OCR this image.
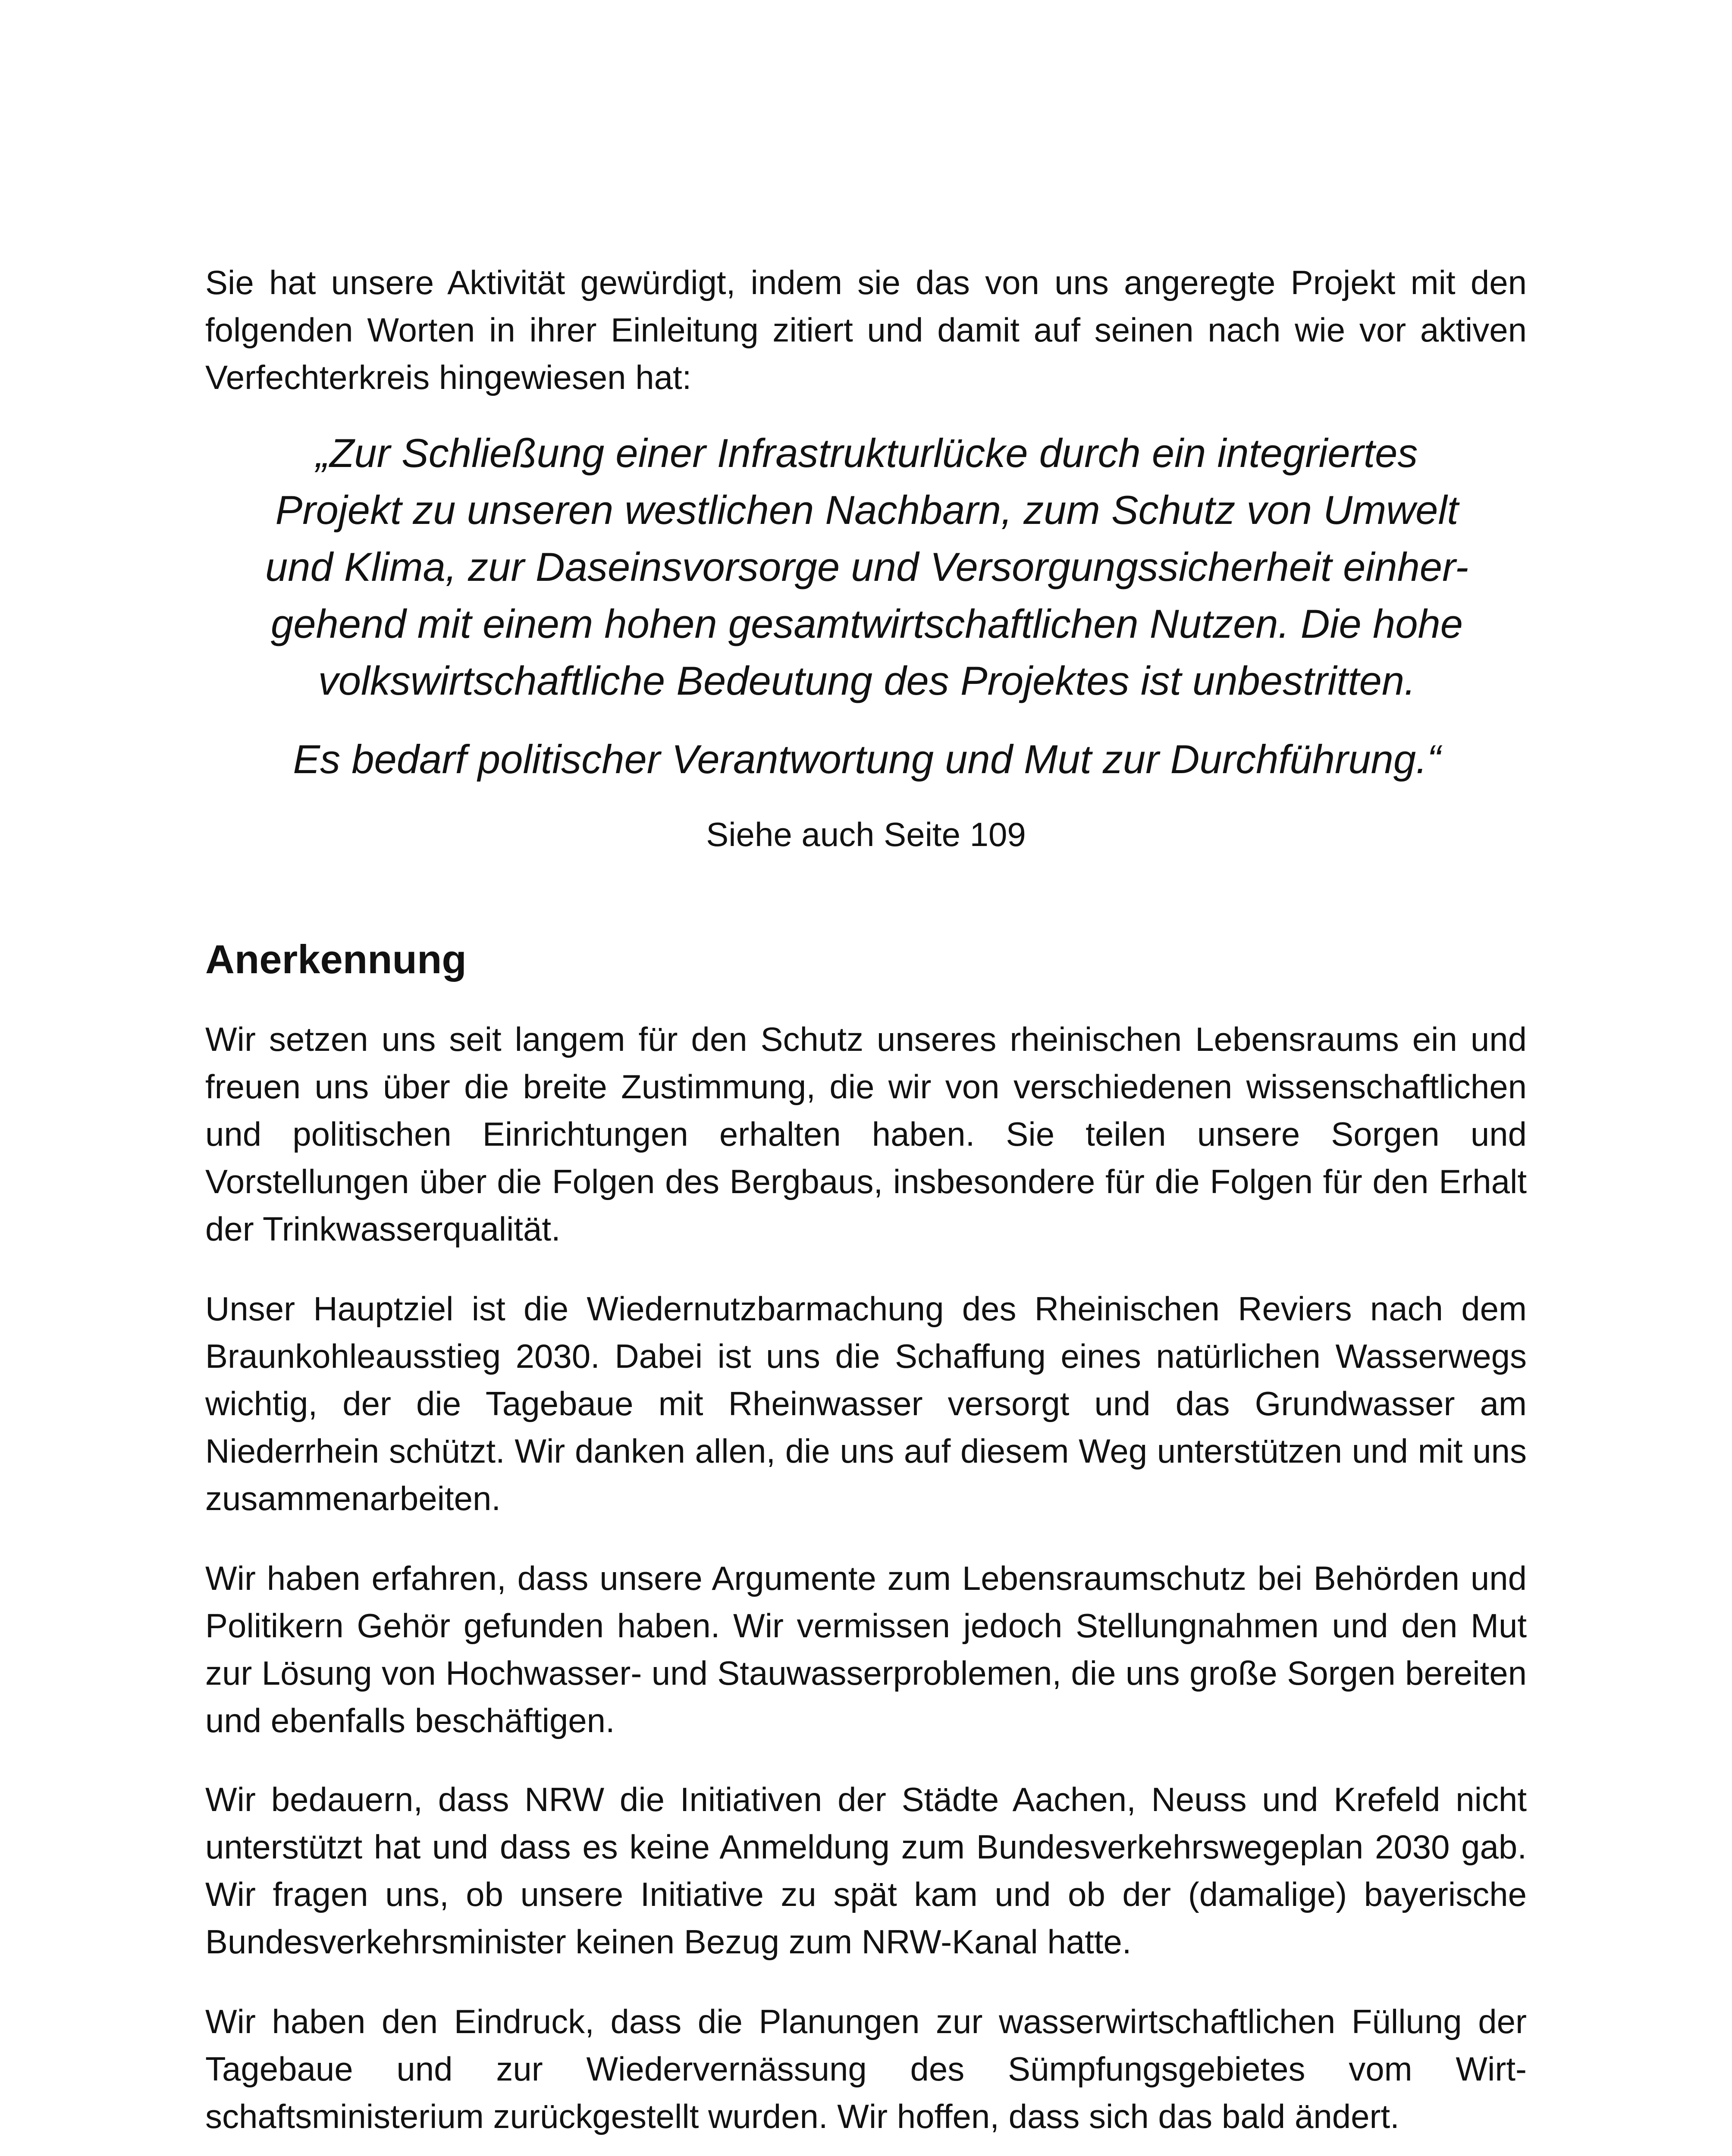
Sie hat unsere Aktivität gewürdigt, indem sie das von uns angeregte Projekt mit den folgenden Worten in ihrer Einleitung zitiert und damit auf seinen nach wie vor aktiven Verfechterkreis hingewiesen hat:

„Zur Schließung einer Infrastrukturlücke durch ein integriertes
Projekt zu unseren westlichen Nachbarn, zum Schutz von Umwelt
und Klima, zur Daseinsvorsorge und Versorgungssicherheit einher-
gehend mit einem hohen gesamtwirtschaftlichen Nutzen. Die hohe
volkswirtschaftliche Bedeutung des Projektes ist unbestritten.
Es bedarf politischer Verantwortung und Mut zur Durchführung.“
Siehe auch Seite 109
Anerkennung

Wir setzen uns seit langem für den Schutz unseres rheinischen Lebensraums ein und freuen uns über die breite Zustimmung, die wir von verschiedenen wissenschaftlichen und politischen Einrichtungen erhalten haben. Sie teilen unsere Sorgen und Vorstellungen über die Folgen des Bergbaus, insbesondere für die Folgen für den Erhalt der Trinkwasserqualität.

Unser Hauptziel ist die Wiedernutzbarmachung des Rheinischen Reviers nach dem Braunkohleausstieg 2030. Dabei ist uns die Schaffung eines natürlichen Wasserwegs wichtig, der die Tagebaue mit Rheinwasser versorgt und das Grundwasser am Niederrhein schützt. Wir danken allen, die uns auf diesem Weg unterstützen und mit uns zusammenarbeiten.

Wir haben erfahren, dass unsere Argumente zum Lebensraumschutz bei Behörden und Politikern Gehör gefunden haben. Wir vermissen jedoch Stellungnahmen und den Mut zur Lösung von Hochwasser- und Stauwasserproblemen, die uns große Sorgen bereiten und ebenfalls beschäftigen.

Wir bedauern, dass NRW die Initiativen der Städte Aachen, Neuss und Krefeld nicht unterstützt hat und dass es keine Anmeldung zum Bundesverkehrswegeplan 2030 gab. Wir fragen uns, ob unsere Initiative zu spät kam und ob der (damalige) bayerische Bundesverkehrsminister keinen Bezug zum NRW-Kanal hatte.

Wir haben den Eindruck, dass die Planungen zur wasserwirtschaftlichen Füllung der Tagebaue und zur Wiedervernässung des Sümpfungsgebietes vom Wirtschaftsministerium zurückgestellt wurden. Wir hoffen, dass sich das bald ändert.
